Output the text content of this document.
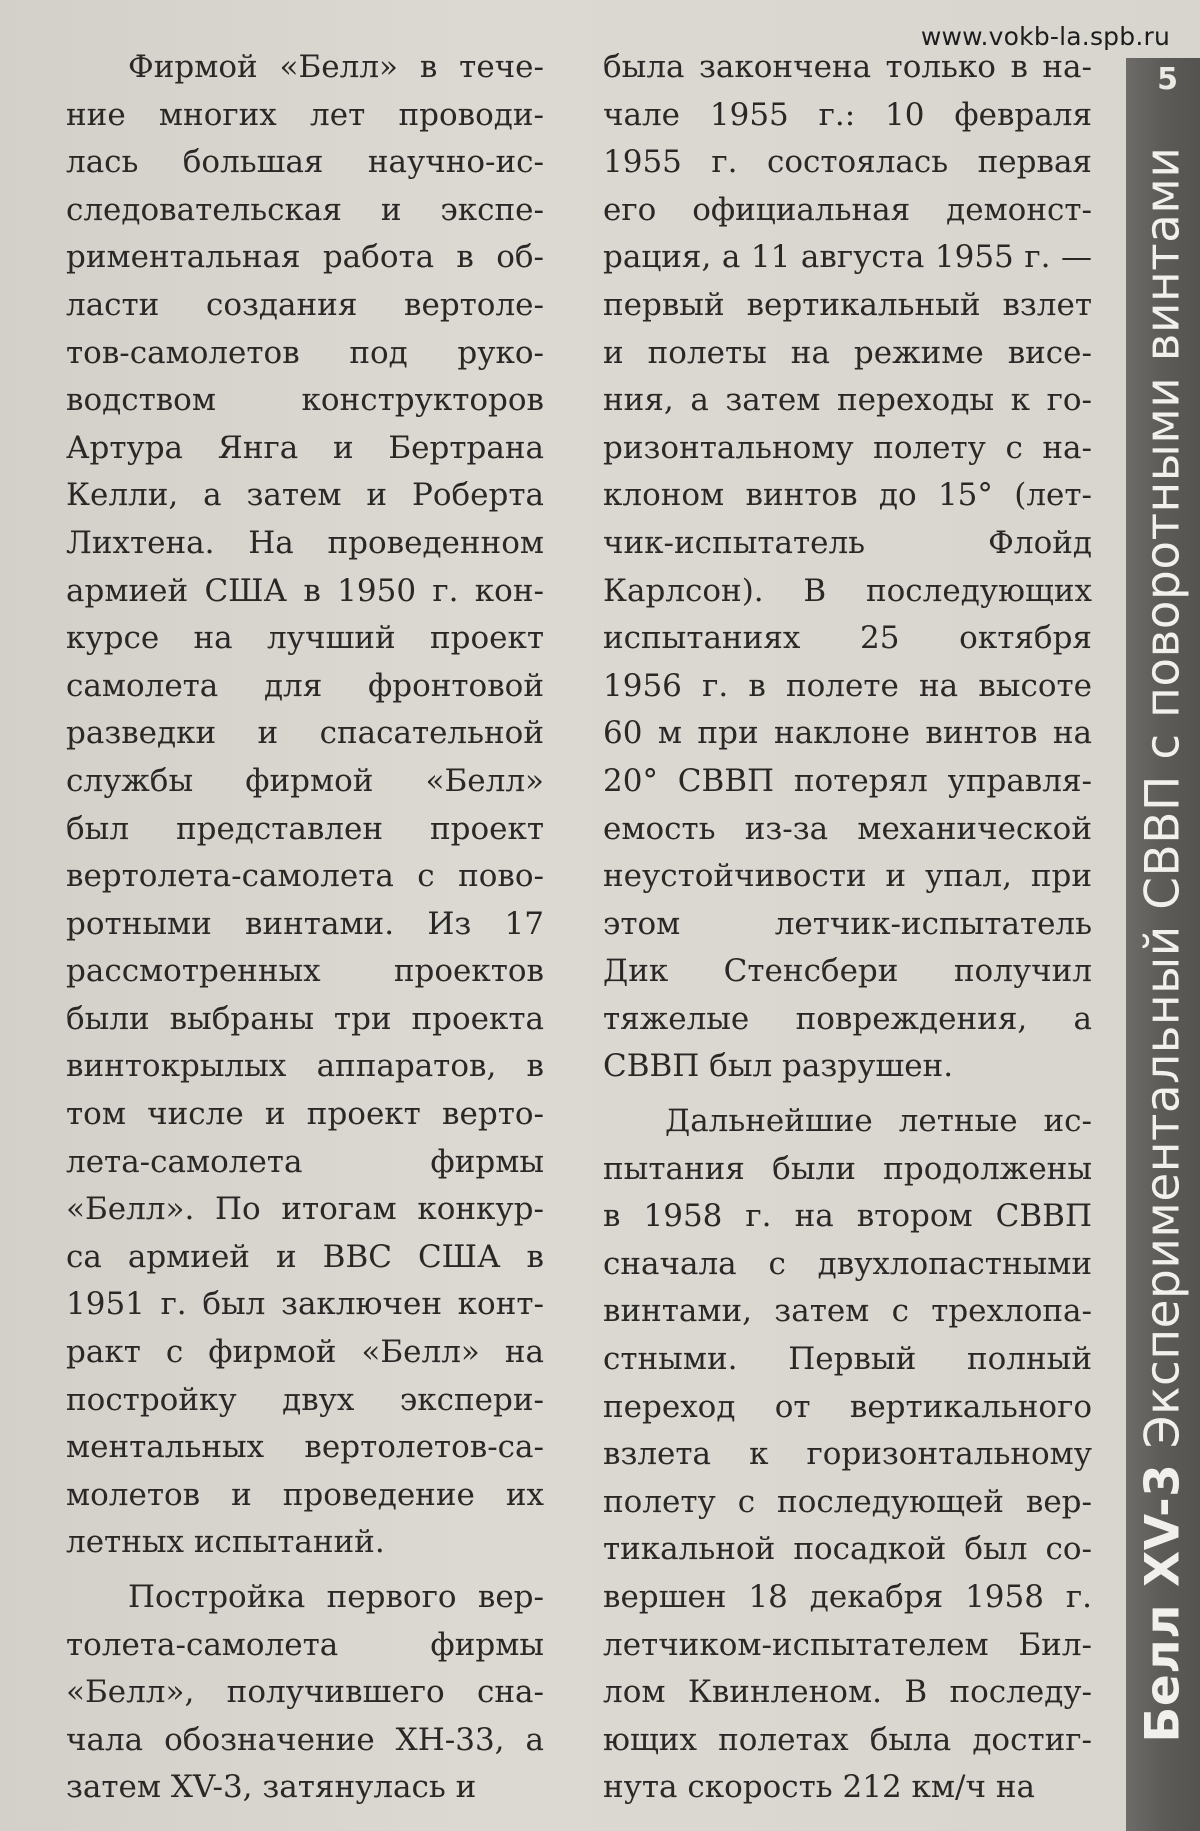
www.vokb-la.spb.ru
Белл XV-3 Экспериментальный СВВП с поворотными винтами
5
Фирмой «Белл» в тече-
ние многих лет проводи-
лась большая научно-ис-
следовательская и экспе-
риментальная работа в об-
ласти создания вертоле-
тов-самолетов под руко-
водством конструкторов
Артура Янга и Бертрана
Келли, а затем и Роберта
Лихтена. На проведенном
армией США в 1950 г. кон-
курсе на лучший проект
самолета для фронтовой
разведки и спасательной
службы фирмой «Белл»
был представлен проект
вертолета-самолета с пово-
ротными винтами. Из 17
рассмотренных проектов
были выбраны три проекта
винтокрылых аппаратов, в
том числе и проект верто-
лета-самолета фирмы
«Белл». По итогам конкур-
са армией и ВВС США в
1951 г. был заключен конт-
ракт с фирмой «Белл» на
постройку двух экспери-
ментальных вертолетов-са-
молетов и проведение их
летных испытаний.
Постройка первого вер-
толета-самолета фирмы
«Белл», получившего сна-
чала обозначение ХН-33, а
затем XV-3, затянулась и
была закончена только в на-
чале 1955 г.: 10 февраля
1955 г. состоялась первая
его официальная демонст-
рация, а 11 августа 1955 г. —
первый вертикальный взлет
и полеты на режиме висе-
ния, а затем переходы к го-
ризонтальному полету с на-
клоном винтов до 15° (лет-
чик-испытатель Флойд
Карлсон). В последующих
испытаниях 25 октября
1956 г. в полете на высоте
60 м при наклоне винтов на
20° СВВП потерял управля-
емость из-за механической
неустойчивости и упал, при
этом летчик-испытатель
Дик Стенсбери получил
тяжелые повреждения, а
СВВП был разрушен.
Дальнейшие летные ис-
пытания были продолжены
в 1958 г. на втором СВВП
сначала с двухлопастными
винтами, затем с трехлопа-
стными. Первый полный
переход от вертикального
взлета к горизонтальному
полету с последующей вер-
тикальной посадкой был со-
вершен 18 декабря 1958 г.
летчиком-испытателем Бил-
лом Квинленом. В последу-
ющих полетах была достиг-
нута скорость 212 км/ч на
